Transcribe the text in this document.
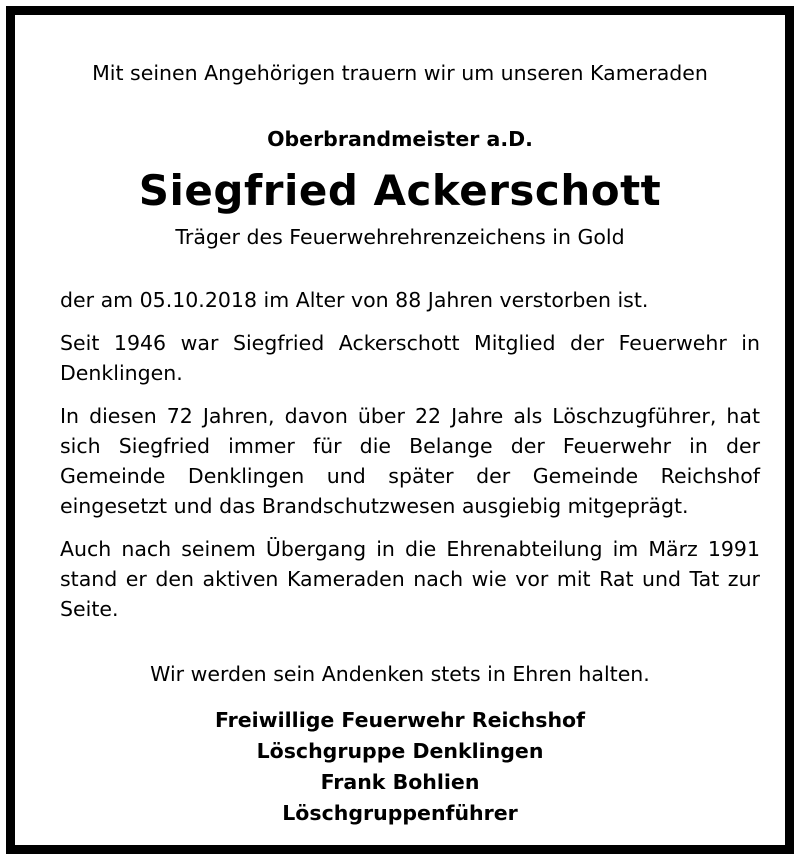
Mit seinen Angehörigen trauern wir um unseren Kameraden
Oberbrandmeister a.D.
Siegfried Ackerschott
Träger des Feuerwehrehrenzeichens in Gold
der am 05.10.2018 im Alter von 88 Jahren verstorben ist.
Seit 1946 war Siegfried Ackerschott Mitglied der Feuerwehr in Denklingen.
In diesen 72 Jahren, davon über 22 Jahre als Löschzugführer, hat sich Siegfried immer für die Belange der Feuerwehr in der Gemeinde Denklingen und später der Gemeinde Reichshof eingesetzt und das Brandschutzwesen ausgiebig mitgeprägt.
Auch nach seinem Übergang in die Ehrenabteilung im März 1991 stand er den aktiven Kameraden nach wie vor mit Rat und Tat zur Seite.
Wir werden sein Andenken stets in Ehren halten.
Freiwillige Feuerwehr Reichshof
Löschgruppe Denklingen
Frank Bohlien
Löschgruppenführer
